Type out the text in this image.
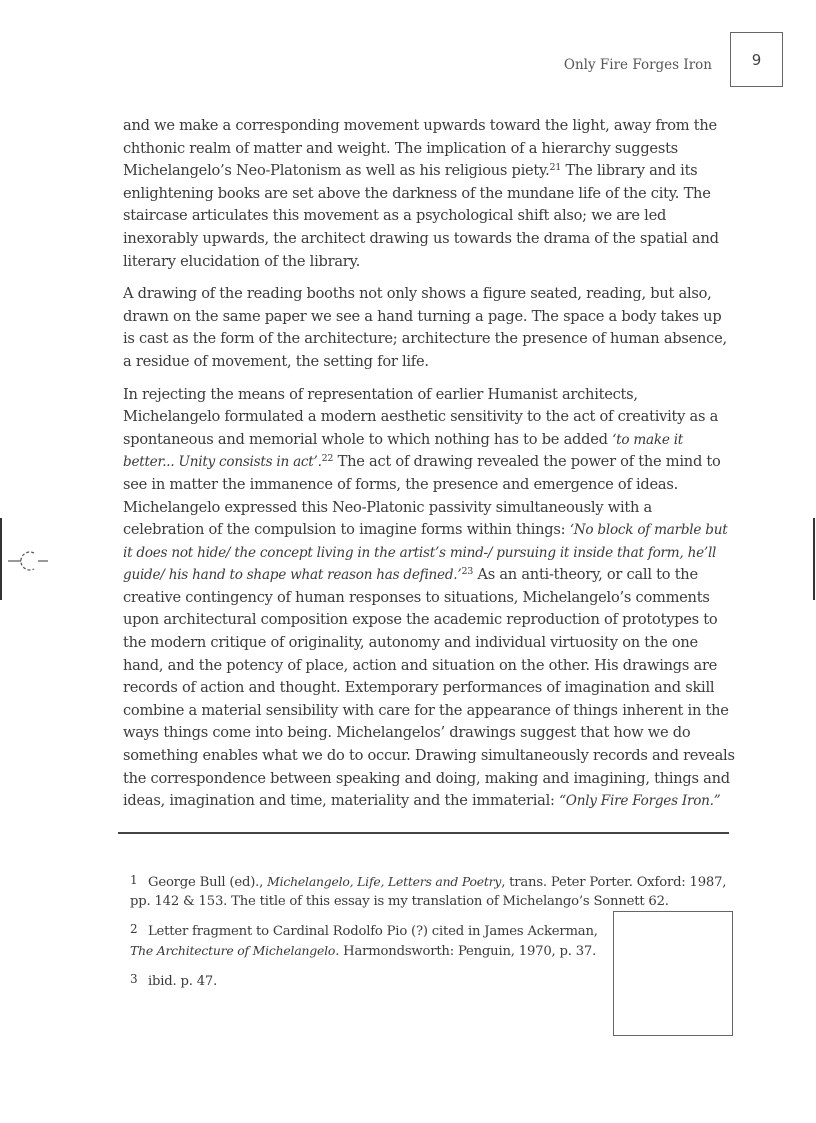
Only Fire Forges Iron	9

and we make a corresponding movement upwards toward the light, away from the chthonic realm of matter and weight. The implication of a hierarchy suggests Michelangelo’s Neo-Platonism as well as his religious piety.$^{21}$ The library and its enlightening books are set above the darkness of the mundane life of the city. The staircase articulates this movement as a psychological shift also; we are led inexorably upwards, the architect drawing us towards the drama of the spatial and literary elucidation of the library.

A drawing of the reading booths not only shows a figure seated, reading, but also, drawn on the same paper we see a hand turning a page. The space a body takes up is cast as the form of the architecture; architecture the presence of human absence, a residue of movement, the setting for life.

In rejecting the means of representation of earlier Humanist architects, Michelangelo formulated a modern aesthetic sensitivity to the act of creativity as a spontaneous and memorial whole to which nothing has to be added ‘to make it better... Unity consists in act’.$^{22}$ The act of drawing revealed the power of the mind to see in matter the immanence of forms, the presence and emergence of ideas. Michelangelo expressed this Neo-Platonic passivity simultaneously with a celebration of the compulsion to imagine forms within things: ‘No block of marble but it does not hide/ the concept living in the artist’s mind-/ pursuing it inside that form, he’ll guide/ his hand to shape what reason has defined.’$^{23}$ As an anti-theory, or call to the creative contingency of human responses to situations, Michelangelo’s comments upon architectural composition expose the academic reproduction of prototypes to the modern critique of originality, autonomy and individual virtuosity on the one hand, and the potency of place, action and situation on the other. His drawings are records of action and thought. Extemporary performances of imagination and skill combine a material sensibility with care for the appearance of things inherent in the ways things come into being. Michelangelos’ drawings suggest that how we do something enables what we do to occur. Drawing simultaneously records and reveals the correspondence between speaking and doing, making and imagining, things and ideas, imagination and time, materiality and the immaterial: “Only Fire Forges Iron.”

1 George Bull (ed)., Michelangelo, Life, Letters and Poetry, trans. Peter Porter. Oxford: 1987, pp. 142 & 153. The title of this essay is my translation of Michelango’s Sonnett 62.
2 Letter fragment to Cardinal Rodolfo Pio (?) cited in James Ackerman, The Architecture of Michelangelo. Harmondsworth: Penguin, 1970, p. 37.
3 ibid. p. 47.
